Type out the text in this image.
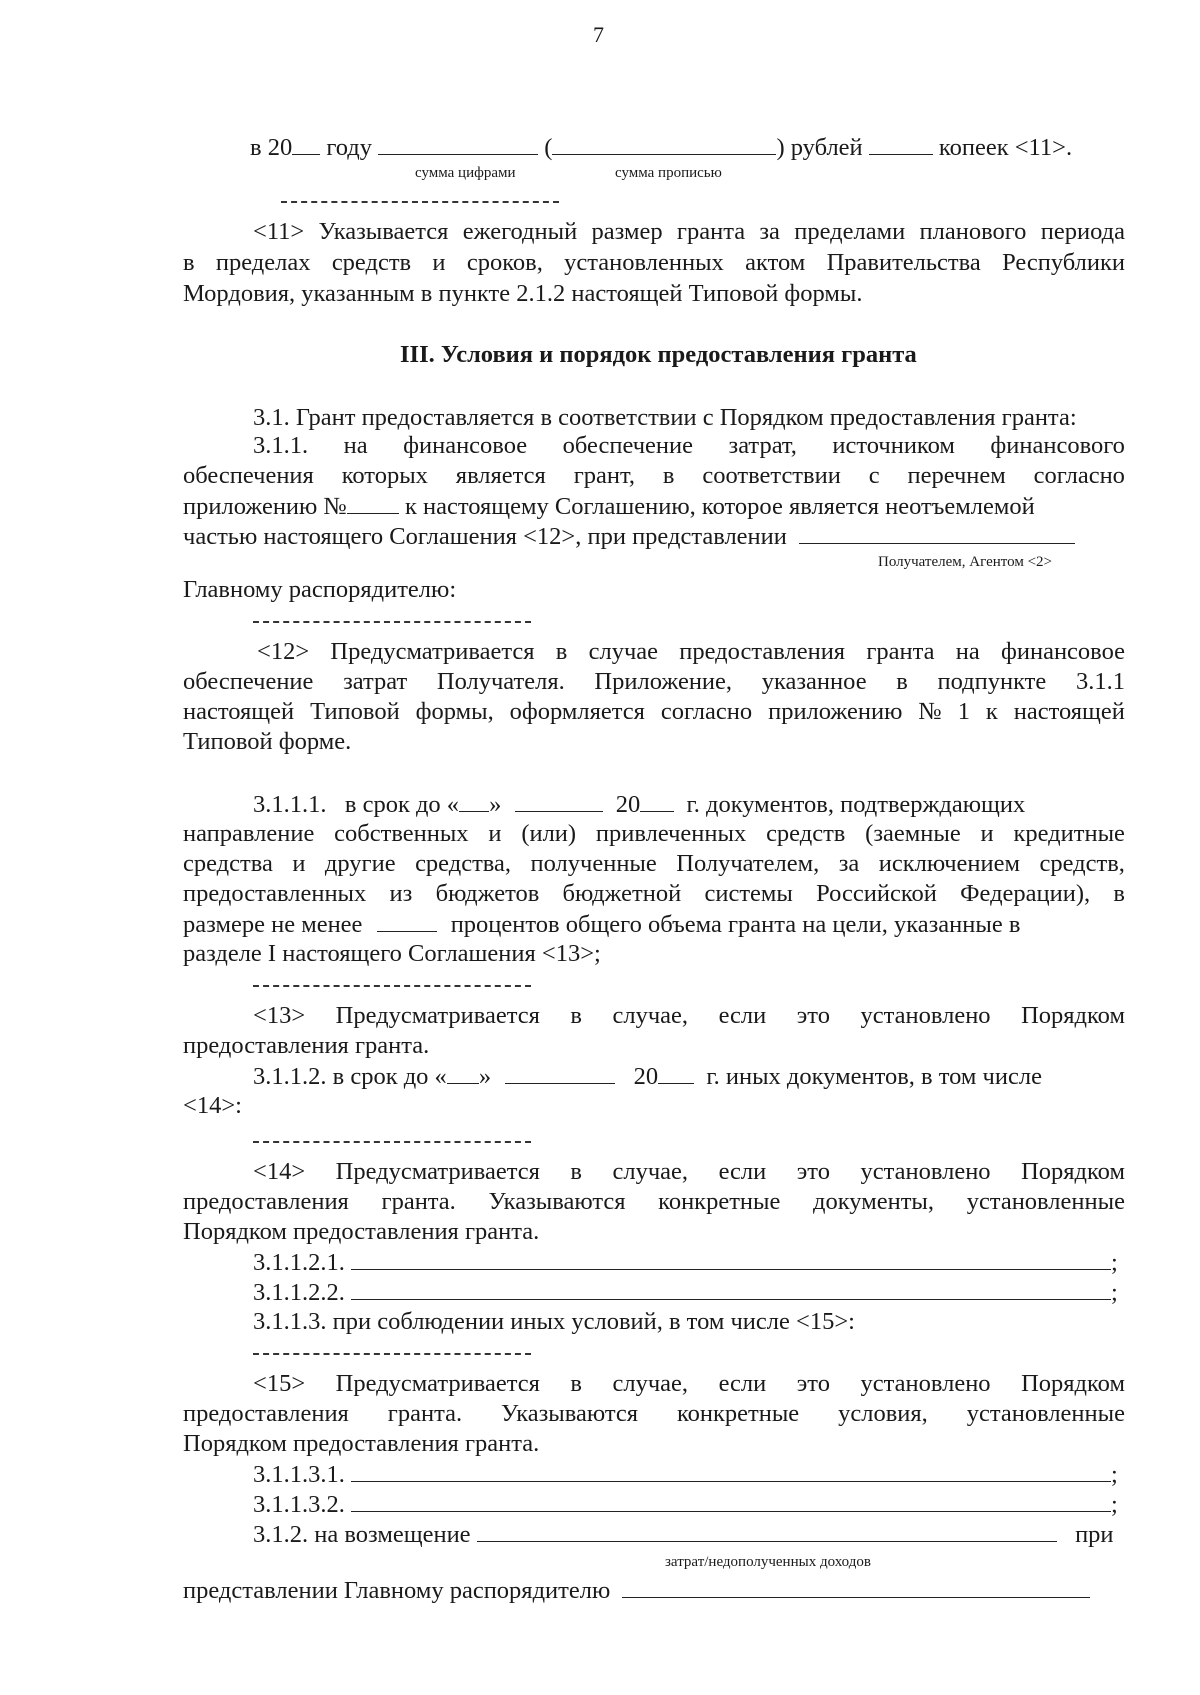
7
в 20 году	(	) рублей	копеек <11>.
сумма цифрами	сумма прописью
<11> Указывается ежегодный размер гранта за пределами планового периода
в пределах средств и сроков, установленных актом Правительства Республики
Мордовия, указанным в пункте 2.1.2 настоящей Типовой формы.
III. Условия и порядок предоставления гранта
3.1. Грант предоставляется в соответствии с Порядком предоставления гранта:
3.1.1. на финансовое обеспечение затрат, источником финансового
обеспечения которых является грант, в соответствии с перечнем согласно
приложению № к настоящему Соглашению, которое является неотъемлемой
частью настоящего Соглашения <12>, при представлении
Получателем, Агентом <2>
Главному распорядителю:
<12> Предусматривается в случае предоставления гранта на финансовое
обеспечение затрат Получателя. Приложение, указанное в подпункте 3.1.1
настоящей Типовой формы, оформляется согласно приложению № 1 к настоящей
Типовой форме.
3.1.1.1. в срок до « »	20 г. документов, подтверждающих
направление собственных и (или) привлеченных средств (заемные и кредитные
средства и другие средства, полученные Получателем, за исключением средств,
предоставленных из бюджетов бюджетной системы Российской Федерации), в
размере не менее	процентов общего объема гранта на цели, указанные в
разделе I настоящего Соглашения <13>;
<13> Предусматривается в случае, если это установлено Порядком
предоставления гранта.
3.1.1.2. в срок до « »	20 г. иных документов, в том числе
<14>:
<14> Предусматривается в случае, если это установлено Порядком
предоставления гранта. Указываются конкретные документы, установленные
Порядком предоставления гранта.
3.1.1.2.1.	;
3.1.1.2.2.	;
3.1.1.3. при соблюдении иных условий, в том числе <15>:
<15> Предусматривается в случае, если это установлено Порядком
предоставления гранта. Указываются конкретные условия, установленные
Порядком предоставления гранта.
3.1.1.3.1.	;
3.1.1.3.2.	;
3.1.2. на возмещение	при
затрат/недополученных доходов
представлении Главному распорядителю
